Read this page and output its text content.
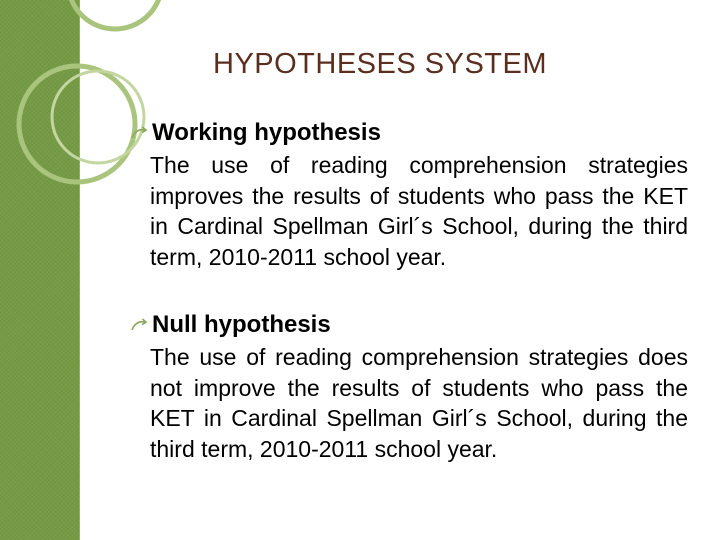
HYPOTHESES SYSTEM
Working hypothesis

The use of reading comprehension strategies improves the results of students who pass the KET in Cardinal Spellman Girl´s School, during the third term, 2010-2011 school year.

Null hypothesis

The use of reading comprehension strategies does not improve the results of students who pass the KET in Cardinal Spellman Girl´s School, during the third term, 2010-2011 school year.
